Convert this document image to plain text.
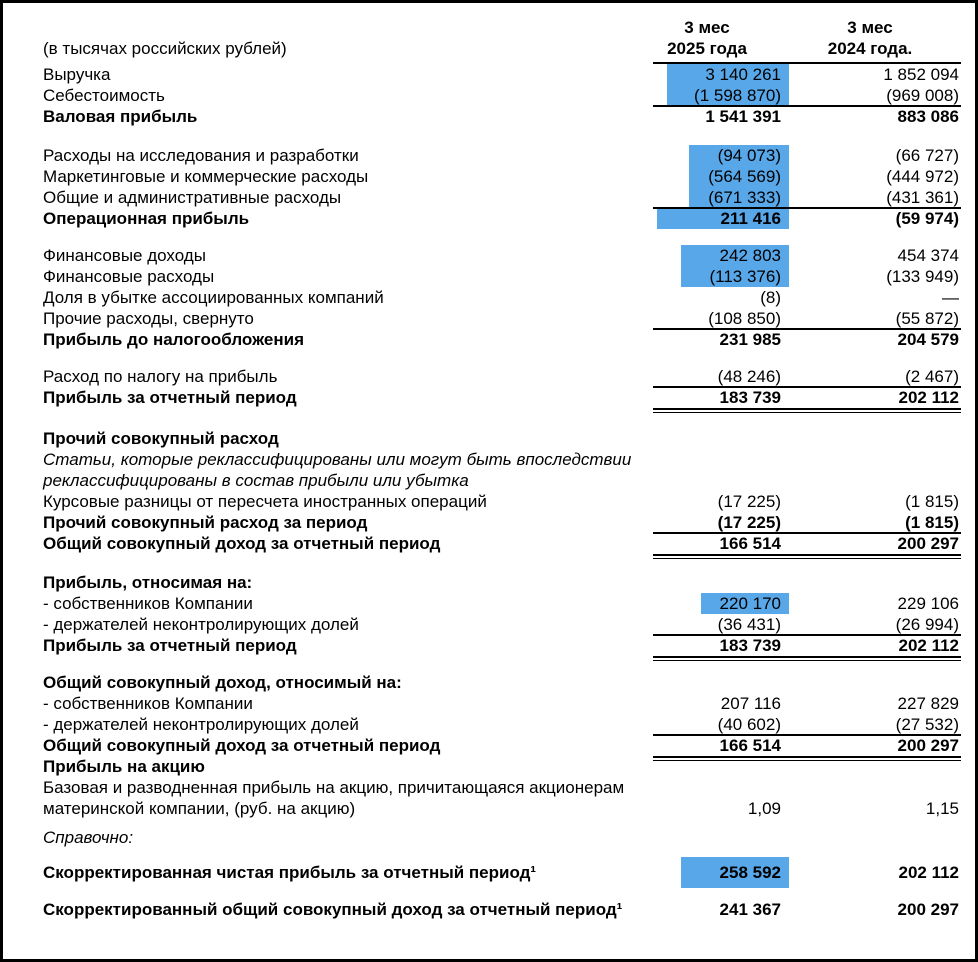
(в тысячах российских рублей)
3 мес
2025 года
3 мес
2024 года.
Выручка	3 140 261	1 852 094
Себестоимость	(1 598 870)	(969 008)
Валовая прибыль	1 541 391	883 086
Расходы на исследования и разработки	(94 073)	(66 727)
Маркетинговые и коммерческие расходы	(564 569)	(444 972)
Общие и административные расходы	(671 333)	(431 361)
Операционная прибыль	211 416	(59 974)
Финансовые доходы	242 803	454 374
Финансовые расходы	(113 376)	(133 949)
Доля в убытке ассоциированных компаний	(8)	—
Прочие расходы, свернуто	(108 850)	(55 872)
Прибыль до налогообложения	231 985	204 579
Расход по налогу на прибыль	(48 246)	(2 467)
Прибыль за отчетный период	183 739	202 112
Прочий совокупный расход
Статьи, которые реклассифицированы или могут быть впоследствии
реклассифицированы в состав прибыли или убытка
Курсовые разницы от пересчета иностранных операций	(17 225)	(1 815)
Прочий совокупный расход за период	(17 225)	(1 815)
Общий совокупный доход за отчетный период	166 514	200 297
Прибыль, относимая на:
- собственников Компании	220 170	229 106
- держателей неконтролирующих долей	(36 431)	(26 994)
Прибыль за отчетный период	183 739	202 112
Общий совокупный доход, относимый на:
- собственников Компании	207 116	227 829
- держателей неконтролирующих долей	(40 602)	(27 532)
Общий совокупный доход за отчетный период	166 514	200 297
Прибыль на акцию
Базовая и разводненная прибыль на акцию, причитающаяся акционерам
материнской компании, (руб. на акцию)	1,09	1,15
Справочно:
Скорректированная чистая прибыль за отчетный период¹	258 592	202 112
Скорректированный общий совокупный доход за отчетный период¹	241 367	200 297
